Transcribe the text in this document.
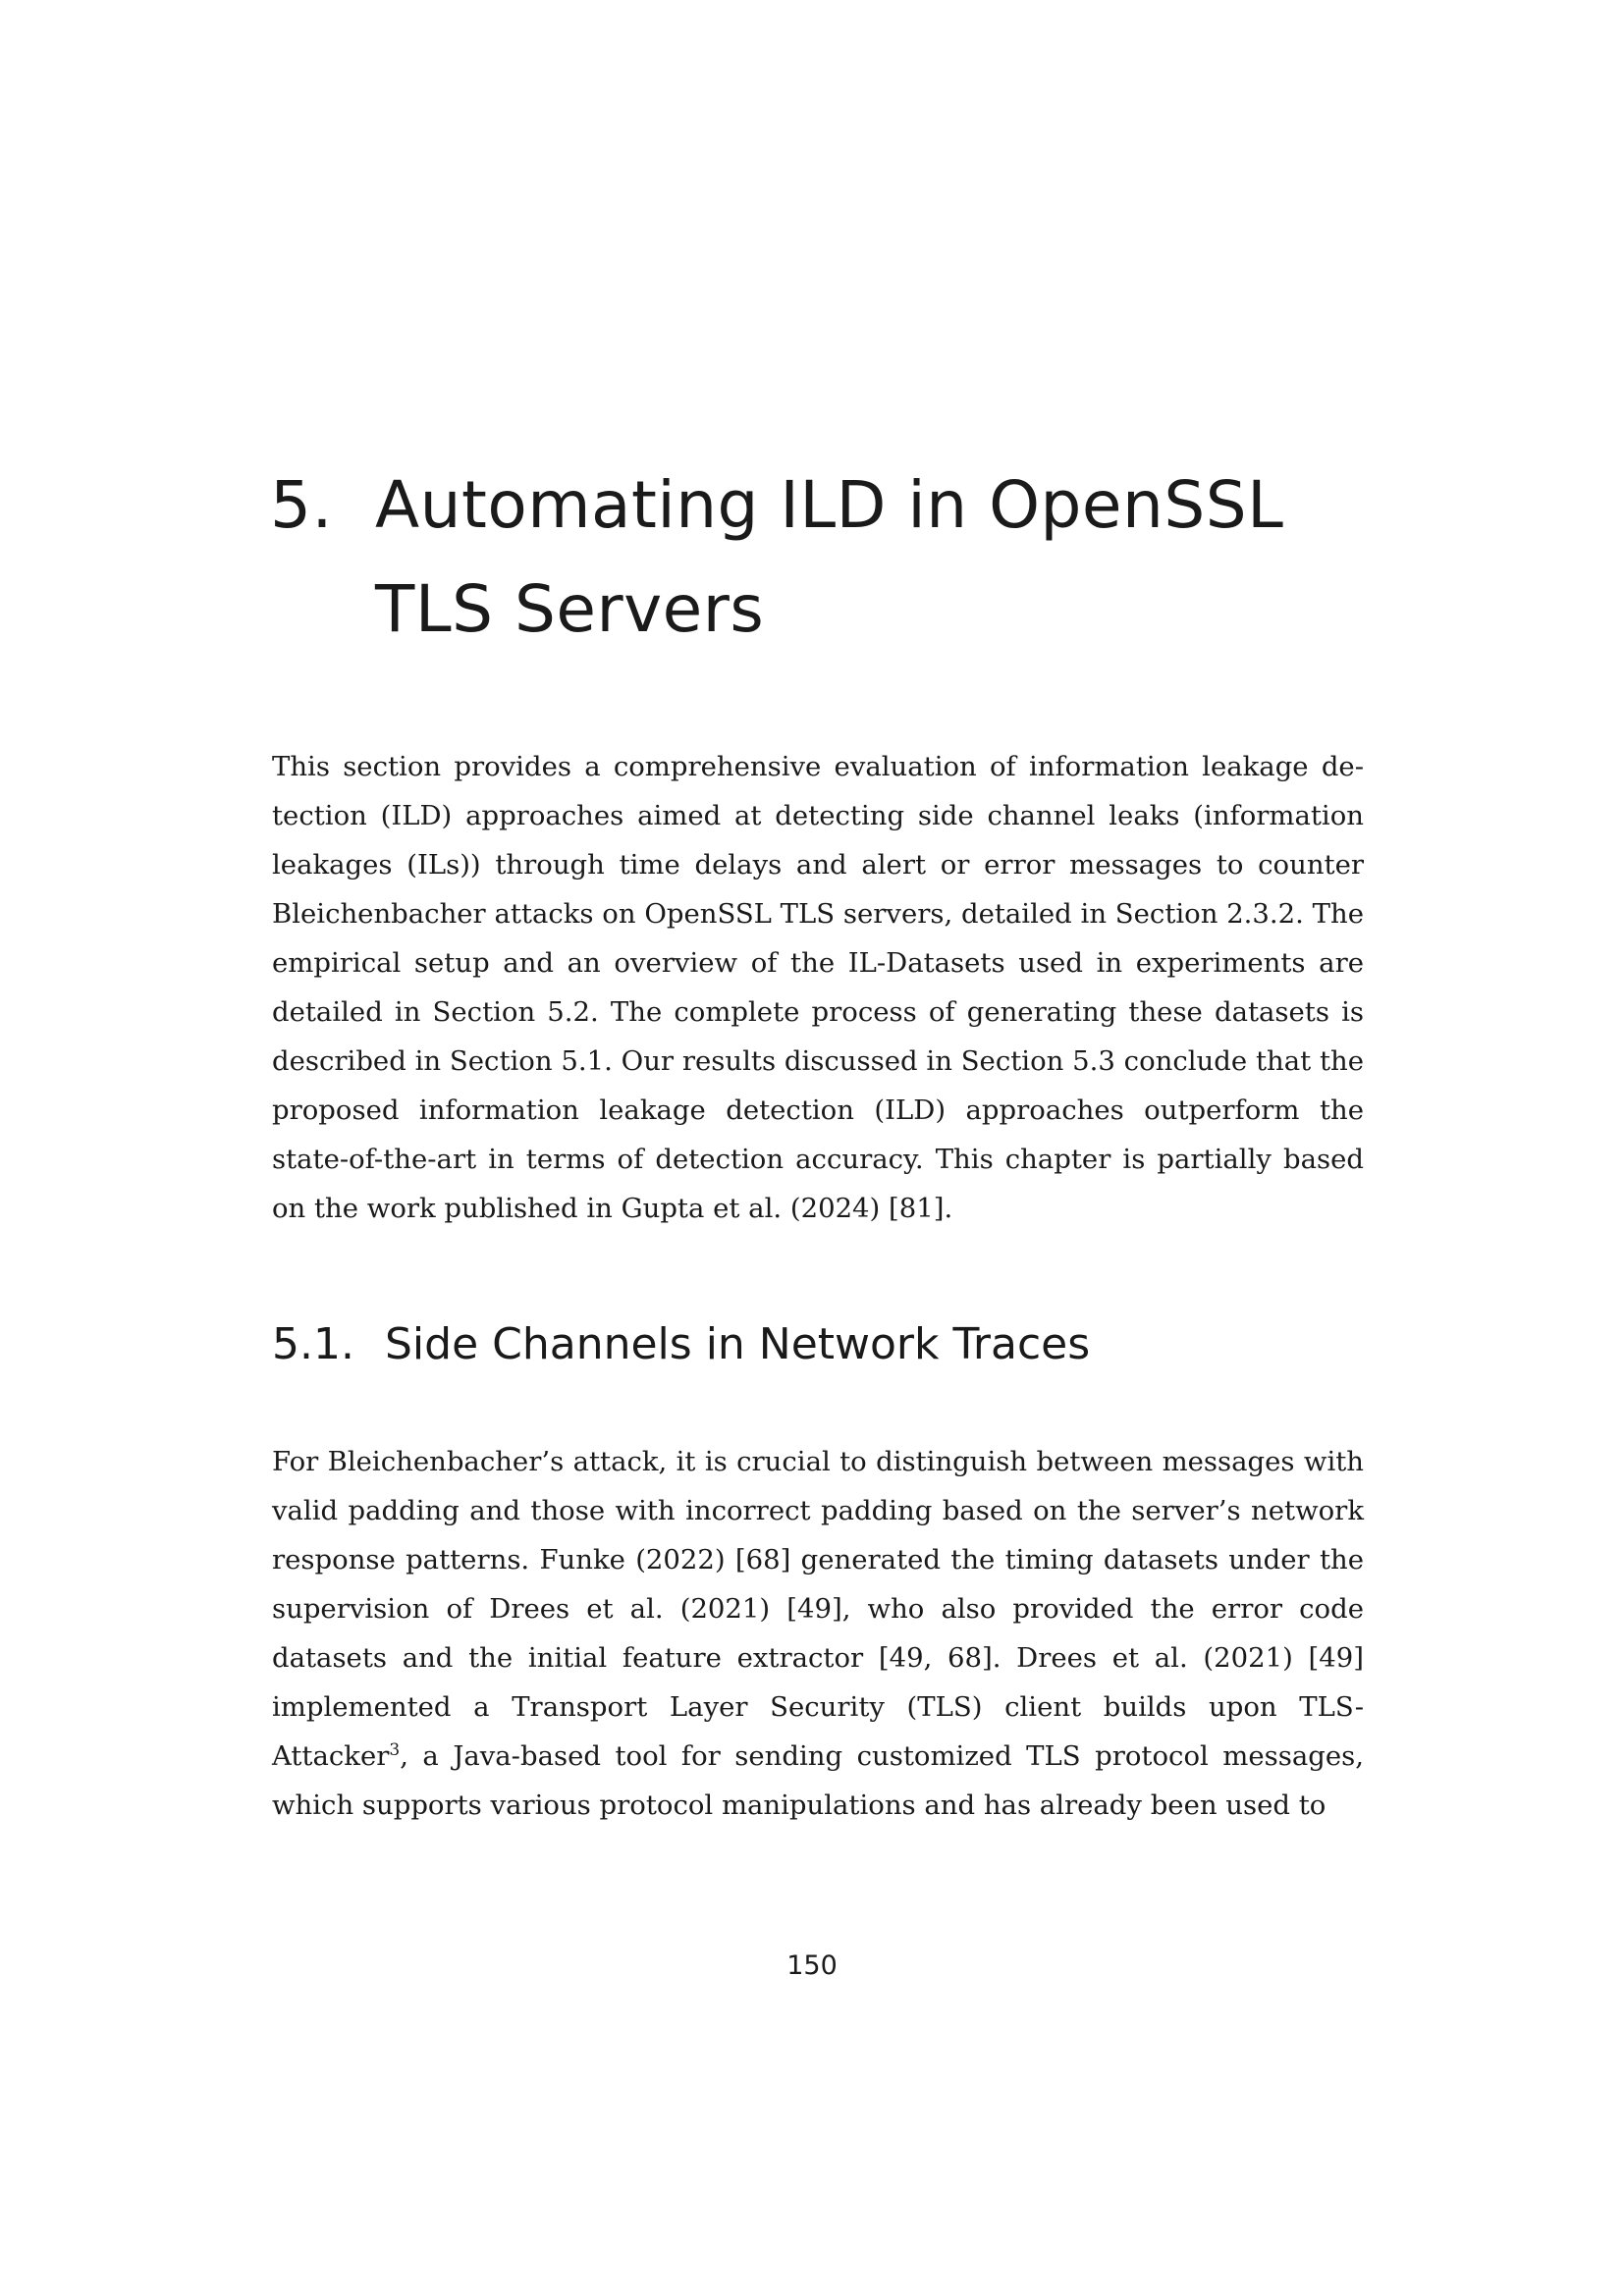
5. Automating ILD in OpenSSL TLS Servers

This section provides a comprehensive evaluation of information leakage detection (ILD) approaches aimed at detecting side channel leaks (information leakages (ILs)) through time delays and alert or error messages to counter Bleichenbacher attacks on OpenSSL TLS servers, detailed in Section 2.3.2. The empirical setup and an overview of the IL-Datasets used in experiments are detailed in Section 5.2. The complete process of generating these datasets is described in Section 5.1. Our results discussed in Section 5.3 conclude that the proposed information leakage detection (ILD) approaches outperform the state-of-the-art in terms of detection accuracy. This chapter is partially based on the work published in Gupta et al. (2024) [81].

5.1. Side Channels in Network Traces

For Bleichenbacher’s attack, it is crucial to distinguish between messages with valid padding and those with incorrect padding based on the server’s network response patterns. Funke (2022) [68] generated the timing datasets under the supervision of Drees et al. (2021) [49], who also provided the error code datasets and the initial feature extractor [49, 68]. Drees et al. (2021) [49] implemented a Transport Layer Security (TLS) client builds upon TLS-Attacker$^3$, a Java-based tool for sending customized TLS protocol messages, which supports various protocol manipulations and has already been used to

150
